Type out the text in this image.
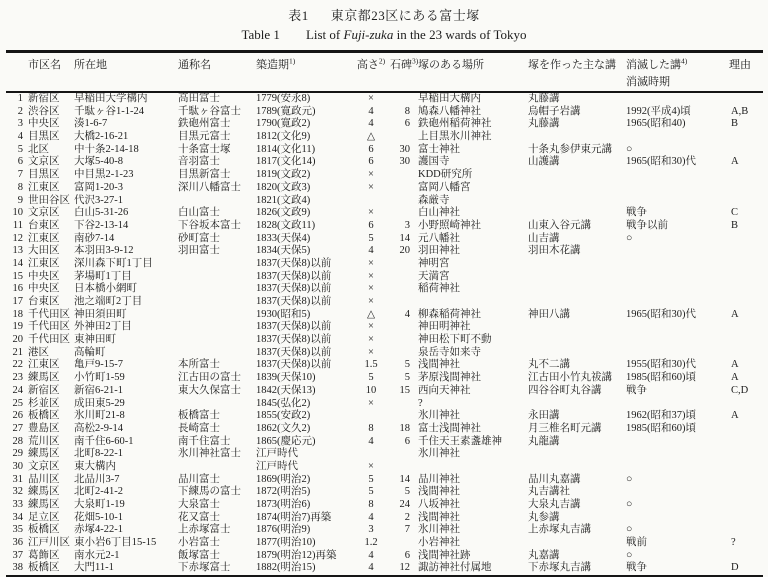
表1 東京都23区にある富士塚
Table 1 List of Fuji-zuka in the 23 wards of Tokyo
	市区名	所在地	通称名	築造期$^{1)}$	高さ$^{2)}$	石碑$^{3)}$	塚のある場所	塚を作った主な講	消滅した講$^{4)}$
消滅時期	理由
1	新宿区	早稲田大学構内	高田富士	1779(安永8)	×		早稲田大構内	丸藤講		
2	渋谷区	千駄ヶ谷1-1-24	千駄ヶ谷富士	1789(寛政元)	4	8	鳩森八幡神社	烏帽子岩講	1992(平成4)頃	A,B
3	中央区	湊1-6-7	鉄砲州富士	1790(寛政2)	4	6	鉄砲州稲荷神社	丸藤講	1965(昭和40)	B
4	目黒区	大橋2-16-21	目黒元富士	1812(文化9)	△		上目黒氷川神社			
5	北区	中十条2-14-18	十条富士塚	1814(文化11)	6	30	富士神社	十条丸参伊東元講	○	
6	文京区	大塚5-40-8	音羽富士	1817(文化14)	6	30	護国寺	山護講	1965(昭和30)代	A
7	目黒区	中目黒2-1-23	目黒新富士	1819(文政2)	×		KDD研究所			
8	江東区	富岡1-20-3	深川八幡富士	1820(文政3)	×		富岡八幡宮			
9	世田谷区	代沢3-27-1		1821(文政4)			森厳寺			
10	文京区	白山5-31-26	白山富士	1826(文政9)	×		白山神社		戦争	C
11	台東区	下谷2-13-14	下谷坂本富士	1828(文政11)	6	3	小野照崎神社	山東入谷元講	戦争以前	B
12	江東区	南砂7-14	砂町富士	1833(天保4)	5	14	元八幡社	山吉講	○	
13	大田区	本羽田3-9-12	羽田富士	1834(天保5)	4	20	羽田神社	羽田木花講		
14	江東区	深川森下町1丁目		1837(天保8)以前	×		神明宮			
15	中央区	茅場町1丁目		1837(天保8)以前	×		天満宮			
16	中央区	日本橋小網町		1837(天保8)以前	×		稲荷神社			
17	台東区	池之端町2丁目		1837(天保8)以前	×					
18	千代田区	神田須田町		1930(昭和5)	△	4	柳森稲荷神社	神田八講	1965(昭和30)代	A
19	千代田区	外神田2丁目		1837(天保8)以前	×		神田明神社			
20	千代田区	東神田町		1837(天保8)以前	×		神田松下町不動			
21	港区	高輪町		1837(天保8)以前	×		泉岳寺如来寺			
22	江東区	亀戸9-15-7	本所富士	1837(天保8)以前	1.5	5	浅間神社	丸不二講	1955(昭和30)代	A
23	練馬区	小竹町1-59	江古田の富士	1839(天保10)	5	5	茅原浅間神社	江古田小竹丸祓講	1985(昭和60)頃	A
24	新宿区	新宿6-21-1	東大久保富士	1842(天保13)	10	15	西向天神社	四谷谷町丸谷講	戦争	C,D
25	杉並区	成田東5-29		1845(弘化2)	×		?			
26	板橋区	氷川町21-8	板橋富士	1855(安政2)			氷川神社	永田講	1962(昭和37)頃	A
27	豊島区	高松2-9-14	長崎富士	1862(文久2)	8	18	富士浅間神社	月三椎名町元講	1985(昭和60)頃	
28	荒川区	南千住6-60-1	南千住富士	1865(慶応元)	4	6	千住天王素盞雄神	丸龍講		
29	練馬区	北町8-22-1	氷川神社富士	江戸時代			氷川神社			
30	文京区	東大構内		江戸時代	×					
31	品川区	北品川3-7	品川富士	1869(明治2)	5	14	品川神社	品川丸嘉講	○	
32	練馬区	北町2-41-2	下練馬の富士	1872(明治5)	5	5	浅間神社	丸吉講社		
33	練馬区	大泉町1-19	大泉富士	1873(明治6)	8	24	八坂神社	大泉丸吉講	○	
34	足立区	花畑5-10-1	花又富士	1874(明治7)再築	4	2	浅間神社	丸参講		
35	板橋区	赤塚4-22-1	上赤塚富士	1876(明治9)	3	7	氷川神社	上赤塚丸吉講	○	
36	江戸川区	東小岩6丁目15-15	小岩富士	1877(明治10)	1.2		小岩神社		戦前	?
37	葛飾区	南水元2-1	飯塚富士	1879(明治12)再築	4	6	浅間神社跡	丸嘉講	○	
38	板橋区	大門11-1	下赤塚富士	1882(明治15)	4	12	諏訪神社付属地	下赤塚丸吉講	戦争	D
